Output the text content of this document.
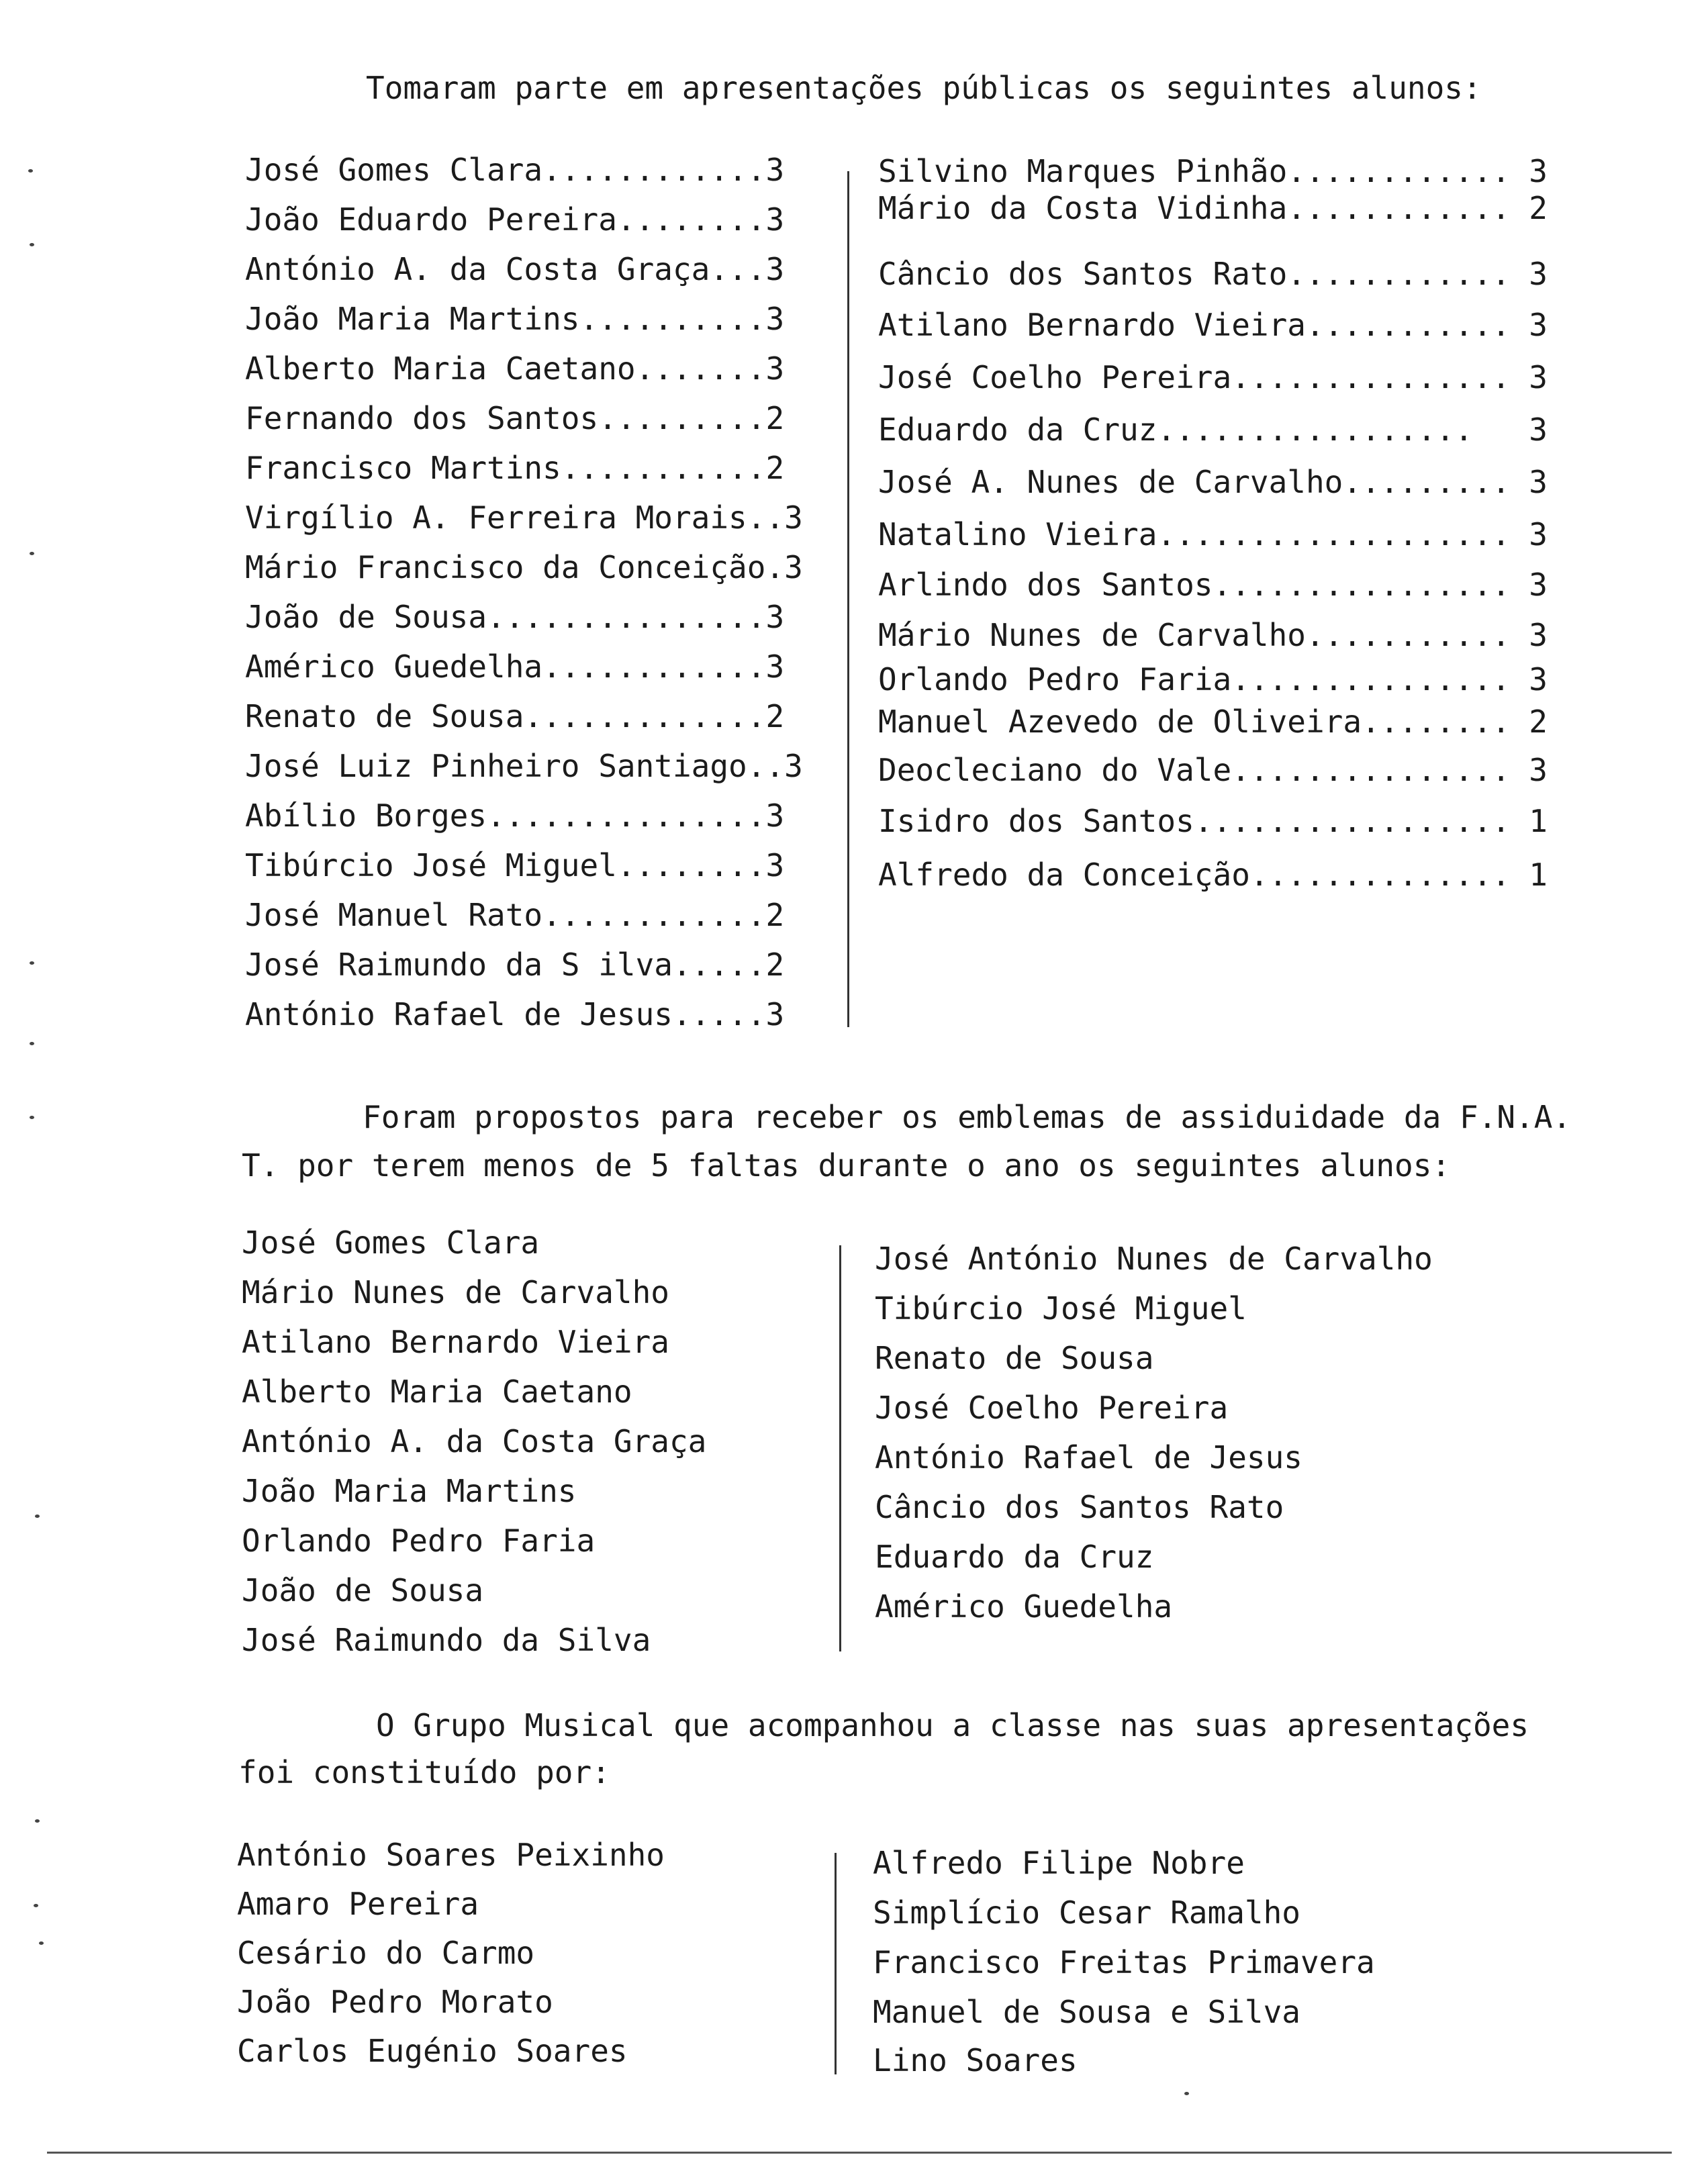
Tomaram parte em apresentações públicas os seguintes alunos:
José Gomes Clara............3
João Eduardo Pereira........3
António A. da Costa Graça...3
João Maria Martins..........3
Alberto Maria Caetano.......3
Fernando dos Santos.........2
Francisco Martins...........2
Virgílio A. Ferreira Morais..3
Mário Francisco da Conceição.3
João de Sousa...............3
Américo Guedelha............3
Renato de Sousa.............2
José Luiz Pinheiro Santiago..3
Abílio Borges...............3
Tibúrcio José Miguel........3
José Manuel Rato............2
José Raimundo da S ilva.....2
António Rafael de Jesus.....3
Silvino Marques Pinhão............ 3
Mário da Costa Vidinha............ 2
Câncio dos Santos Rato............ 3
Atilano Bernardo Vieira........... 3
José Coelho Pereira............... 3
Eduardo da Cruz.................   3
José A. Nunes de Carvalho......... 3
Natalino Vieira................... 3
Arlindo dos Santos................ 3
Mário Nunes de Carvalho........... 3
Orlando Pedro Faria............... 3
Manuel Azevedo de Oliveira........ 2
Deocleciano do Vale............... 3
Isidro dos Santos................. 1
Alfredo da Conceição.............. 1
Foram propostos para receber os emblemas de assiduidade da F.N.A.
T. por terem menos de 5 faltas durante o ano os seguintes alunos:
José Gomes Clara
Mário Nunes de Carvalho
Atilano Bernardo Vieira
Alberto Maria Caetano
António A. da Costa Graça
João Maria Martins
Orlando Pedro Faria
João de Sousa
José Raimundo da Silva
José António Nunes de Carvalho
Tibúrcio José Miguel
Renato de Sousa
José Coelho Pereira
António Rafael de Jesus
Câncio dos Santos Rato
Eduardo da Cruz
Américo Guedelha
O Grupo Musical que acompanhou a classe nas suas apresentações
foi constituído por:
António Soares Peixinho
Amaro Pereira
Cesário do Carmo
João Pedro Morato
Carlos Eugénio Soares
Alfredo Filipe Nobre
Simplício Cesar Ramalho
Francisco Freitas Primavera
Manuel de Sousa e Silva
Lino Soares
